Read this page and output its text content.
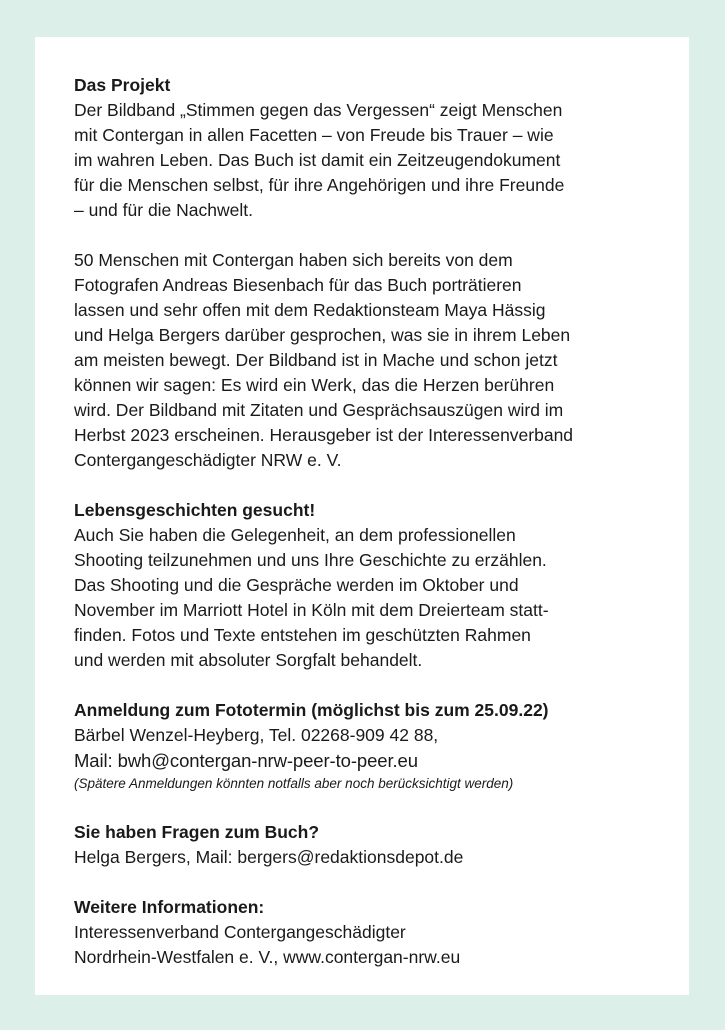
Das Projekt
Der Bildband „Stimmen gegen das Vergessen“ zeigt Menschen
mit Contergan in allen Facetten – von Freude bis Trauer – wie
im wahren Leben. Das Buch ist damit ein Zeitzeugendokument
für die Menschen selbst, für ihre Angehörigen und ihre Freunde
– und für die Nachwelt.
50 Menschen mit Contergan haben sich bereits von dem
Fotografen Andreas Biesenbach für das Buch porträtieren
lassen und sehr offen mit dem Redaktionsteam Maya Hässig
und Helga Bergers darüber gesprochen, was sie in ihrem Leben
am meisten bewegt. Der Bildband ist in Mache und schon jetzt
können wir sagen: Es wird ein Werk, das die Herzen berühren
wird. Der Bildband mit Zitaten und Gesprächsauszügen wird im
Herbst 2023 erscheinen. Herausgeber ist der Interessenverband
Contergangeschädigter NRW e. V.
Lebensgeschichten gesucht!
Auch Sie haben die Gelegenheit, an dem professionellen
Shooting teilzunehmen und uns Ihre Geschichte zu erzählen.
Das Shooting und die Gespräche werden im Oktober und
November im Marriott Hotel in Köln mit dem Dreierteam statt-
finden. Fotos und Texte entstehen im geschützten Rahmen
und werden mit absoluter Sorgfalt behandelt.
Anmeldung zum Fototermin (möglichst bis zum 25.09.22)
Bärbel Wenzel-Heyberg, Tel. 02268-909 42 88,
Mail: bwh@contergan-nrw-peer-to-peer.eu
(Spätere Anmeldungen könnten notfalls aber noch berücksichtigt werden)
Sie haben Fragen zum Buch?
Helga Bergers, Mail: bergers@redaktionsdepot.de
Weitere Informationen:
Interessenverband Contergangeschädigter
Nordrhein-Westfalen e. V., www.contergan-nrw.eu
